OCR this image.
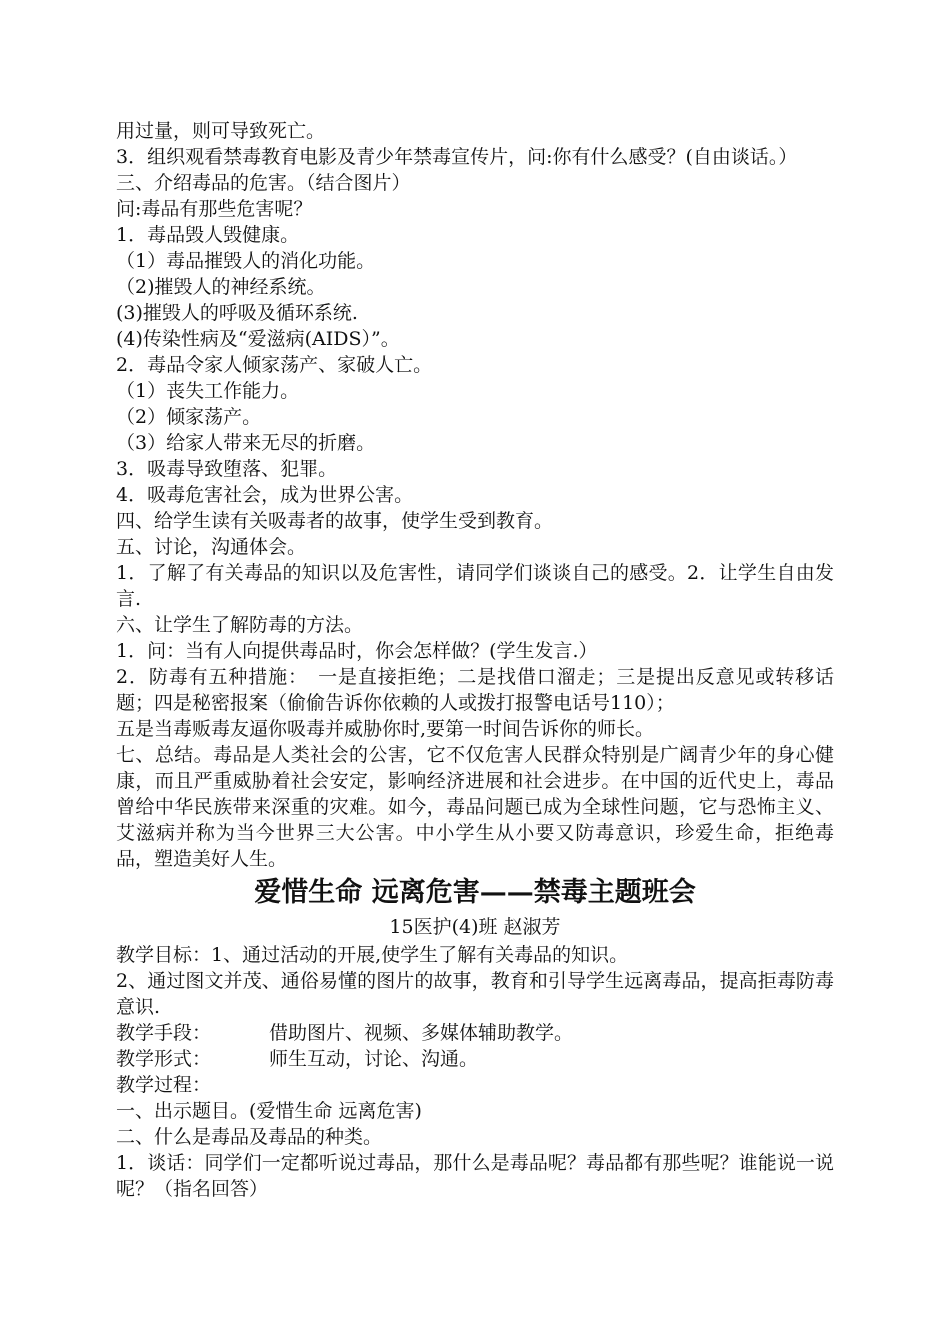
用过量，则可导致死亡。

3．组织观看禁毒教育电影及青少年禁毒宣传片，问:你有什么感受？(自由谈话。）

三、介绍毒品的危害。（结合图片）

问:毒品有那些危害呢？

1．毒品毁人毁健康。

（1）毒品摧毁人的消化功能。

（2)摧毁人的神经系统。

(3)摧毁人的呼吸及循环系统.

(4)传染性病及“爱滋病(AIDS）”。

2．毒品令家人倾家荡产、家破人亡。

（1）丧失工作能力。

（2）倾家荡产。

（3）给家人带来无尽的折磨。

3．吸毒导致堕落、犯罪。

4．吸毒危害社会，成为世界公害。

四、给学生读有关吸毒者的故事，使学生受到教育。

五、讨论，沟通体会。

1．了解了有关毒品的知识以及危害性，请同学们谈谈自己的感受。2．让学生自由发言.

六、让学生了解防毒的方法。

1．问：当有人向提供毒品时，你会怎样做？(学生发言.）

2．防毒有五种措施：　一是直接拒绝；二是找借口溜走；三是提出反意见或转移话题；四是秘密报案（偷偷告诉你依赖的人或拨打报警电话号110）；

五是当毒贩毒友逼你吸毒并威胁你时,要第一时间告诉你的师长。

七、总结。毒品是人类社会的公害，它不仅危害人民群众特别是广阔青少年的身心健康，而且严重威胁着社会安定，影响经济进展和社会进步。在中国的近代史上，毒品曾给中华民族带来深重的灾难。如今，毒品问题已成为全球性问题，它与恐怖主义、艾滋病并称为当今世界三大公害。中小学生从小要又防毒意识，珍爱生命，拒绝毒品，塑造美好人生。

爱惜生命 远离危害——禁毒主题班会

15医护(4)班 赵淑芳

教学目标：1、通过活动的开展,使学生了解有关毒品的知识。

2、通过图文并茂、通俗易懂的图片的故事，教育和引导学生远离毒品，提高拒毒防毒意识.

教学手段：	借助图片、视频、多媒体辅助教学。

教学形式：	师生互动，讨论、沟通。

教学过程：

一、出示题目。(爱惜生命 远离危害)

二、什么是毒品及毒品的种类。

1．谈话：同学们一定都听说过毒品，那什么是毒品呢？毒品都有那些呢？谁能说一说呢？（指名回答）
